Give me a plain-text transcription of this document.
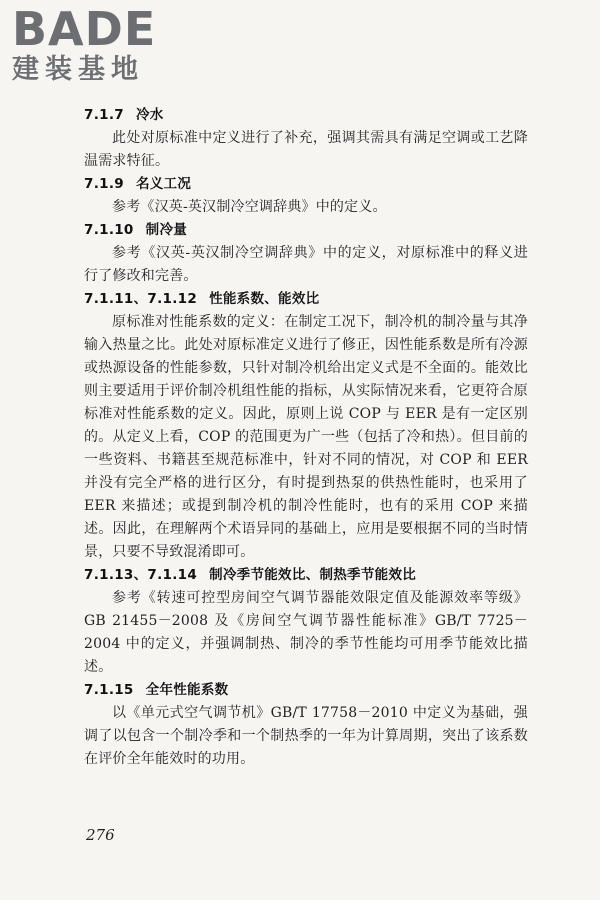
BADE
建装基地
7.1.7 冷水

此处对原标准中定义进行了补充，强调其需具有满足空调或工艺降温需求特征。

7.1.9 名义工况

参考《汉英-英汉制冷空调辞典》中的定义。

7.1.10 制冷量

参考《汉英-英汉制冷空调辞典》中的定义，对原标准中的释义进行了修改和完善。

7.1.11、7.1.12 性能系数、能效比

原标准对性能系数的定义：在制定工况下，制冷机的制冷量与其净输入热量之比。此处对原标准定义进行了修正，因性能系数是所有冷源或热源设备的性能参数，只针对制冷机给出定义式是不全面的。能效比则主要适用于评价制冷机组性能的指标，从实际情况来看，它更符合原标准对性能系数的定义。因此，原则上说 COP 与 EER 是有一定区别的。从定义上看，COP 的范围更为广一些（包括了冷和热）。但目前的一些资料、书籍甚至规范标准中，针对不同的情况，对 COP 和 EER 并没有完全严格的进行区分，有时提到热泵的供热性能时，也采用了 EER 来描述；或提到制冷机的制冷性能时，也有的采用 COP 来描述。因此，在理解两个术语异同的基础上，应用是要根据不同的当时情景，只要不导致混淆即可。

7.1.13、7.1.14 制冷季节能效比、制热季节能效比

参考《转速可控型房间空气调节器能效限定值及能源效率等级》GB 21455－2008 及《房间空气调节器性能标准》GB/T 7725－2004 中的定义，并强调制热、制冷的季节性能均可用季节能效比描述。

7.1.15 全年性能系数

以《单元式空气调节机》GB/T 17758－2010 中定义为基础，强调了以包含一个制冷季和一个制热季的一年为计算周期，突出了该系数在评价全年能效时的功用。

276
